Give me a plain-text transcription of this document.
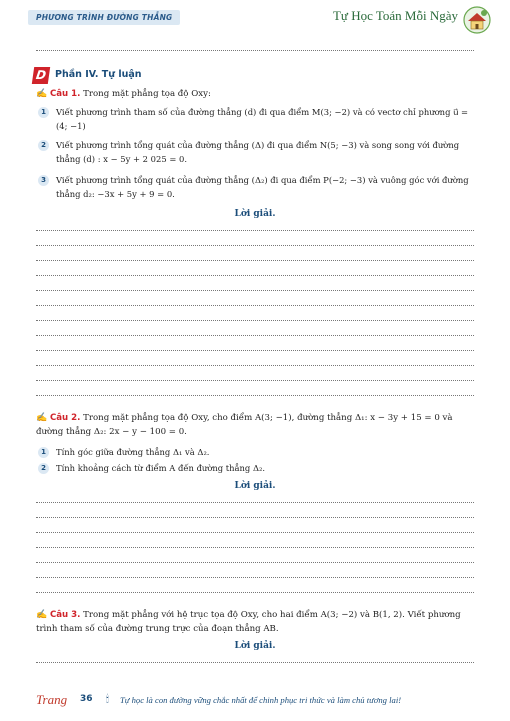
PHƯƠNG TRÌNH ĐƯỜNG THẲNG	Tự Học Toán Mỗi Ngày
D Phần IV. Tự luận
✍ Câu 1. Trong mặt phẳng tọa độ Oxy:
1	Viết phương trình tham số của đường thẳng (d) đi qua điểm M(3; −2) và có vectơ chỉ phương u⃗ = (4; −1)
2	Viết phương trình tổng quát của đường thẳng (Δ) đi qua điểm N(5; −3) và song song với đường thẳng (d) : x − 5y + 2 025 = 0.
3	Viết phương trình tổng quát của đường thẳng (Δ₂) đi qua điểm P(−2; −3) và vuông góc với đường thẳng d₂: −3x + 5y + 9 = 0.
Lời giải.
✍ Câu 2. Trong mặt phẳng tọa độ Oxy, cho điểm A(3; −1), đường thẳng Δ₁: x − 3y + 15 = 0 và đường thẳng Δ₂: 2x − y − 100 = 0.
1	Tính góc giữa đường thẳng Δ₁ và Δ₂.
2	Tính khoảng cách từ điểm A đến đường thẳng Δ₂.
Lời giải.
✍ Câu 3. Trong mặt phẳng với hệ trục tọa độ Oxy, cho hai điểm A(3; −2) và B(1, 2). Viết phương trình tham số của đường trung trực của đoạn thẳng AB.
Lời giải.
Trang 36 🕯 Tự học là con đường vững chắc nhất để chinh phục tri thức và làm chủ tương lai!
